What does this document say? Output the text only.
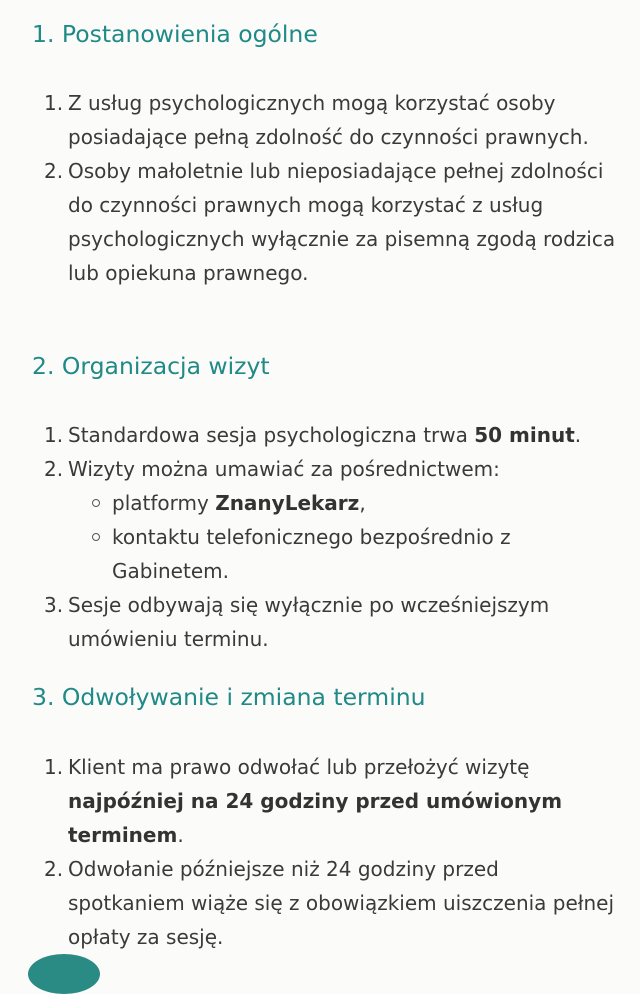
1. Postanowienia ogólne
1. Z usług psychologicznych mogą korzystać osoby posiadające pełną zdolność do czynności prawnych.
2. Osoby małoletnie lub nieposiadające pełnej zdolności do czynności prawnych mogą korzystać z usług psychologicznych wyłącznie za pisemną zgodą rodzica lub opiekuna prawnego.
2. Organizacja wizyt
1. Standardowa sesja psychologiczna trwa 50 minut.
2. Wizyty można umawiać za pośrednictwem:
platformy ZnanyLekarz,
kontaktu telefonicznego bezpośrednio z Gabinetem.
3. Sesje odbywają się wyłącznie po wcześniejszym umówieniu terminu.
3. Odwoływanie i zmiana terminu
1. Klient ma prawo odwołać lub przełożyć wizytę najpóźniej na 24 godziny przed umówionym terminem.
2. Odwołanie późniejsze niż 24 godziny przed spotkaniem wiąże się z obowiązkiem uiszczenia pełnej opłaty za sesję.
